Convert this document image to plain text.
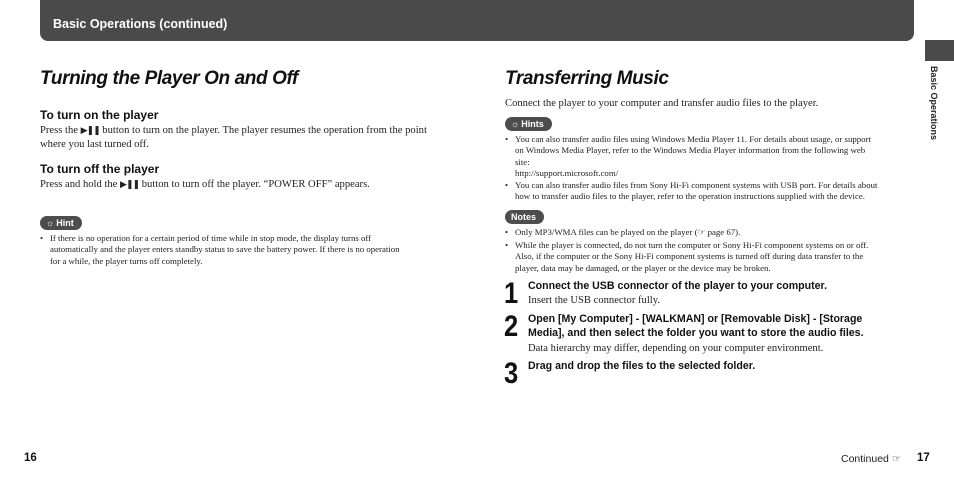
Basic Operations (continued)
Basic Operations
Turning the Player On and Off
To turn on the player
Press the ▶❚❚ button to turn on the player. The player resumes the operation from the point
where you last turned off.
To turn off the player
Press and hold the ▶❚❚ button to turn off the player. “POWER OFF” appears.
☼ Hint
• If there is no operation for a certain period of time while in stop mode, the display turns off
automatically and the player enters standby status to save the battery power. If there is no operation
for a while, the player turns off completely.
Transferring Music
Connect the player to your computer and transfer audio files to the player.
☼ Hints
• You can also transfer audio files using Windows Media Player 11. For details about usage, or support
on Windows Media Player, refer to the Windows Media Player information from the following web
site:
http://support.microsoft.com/
• You can also transfer audio files from Sony Hi-Fi component systems with USB port. For details about
how to transfer audio files to the player, refer to the operation instructions supplied with the device.
Notes
• Only MP3/WMA files can be played on the player (☞ page 67).
• While the player is connected, do not turn the computer or Sony Hi-Fi component systems on or off.
Also, if the computer or the Sony Hi-Fi component systems is turned off during data transfer to the
player, data may be damaged, or the player or the device may be broken.
1 Connect the USB connector of the player to your computer.
Insert the USB connector fully.
2 Open [My Computer] - [WALKMAN] or [Removable Disk] - [Storage
Media], and then select the folder you want to store the audio files.
Data hierarchy may differ, depending on your computer environment.
3 Drag and drop the files to the selected folder.
16	Continued ☞ 17
